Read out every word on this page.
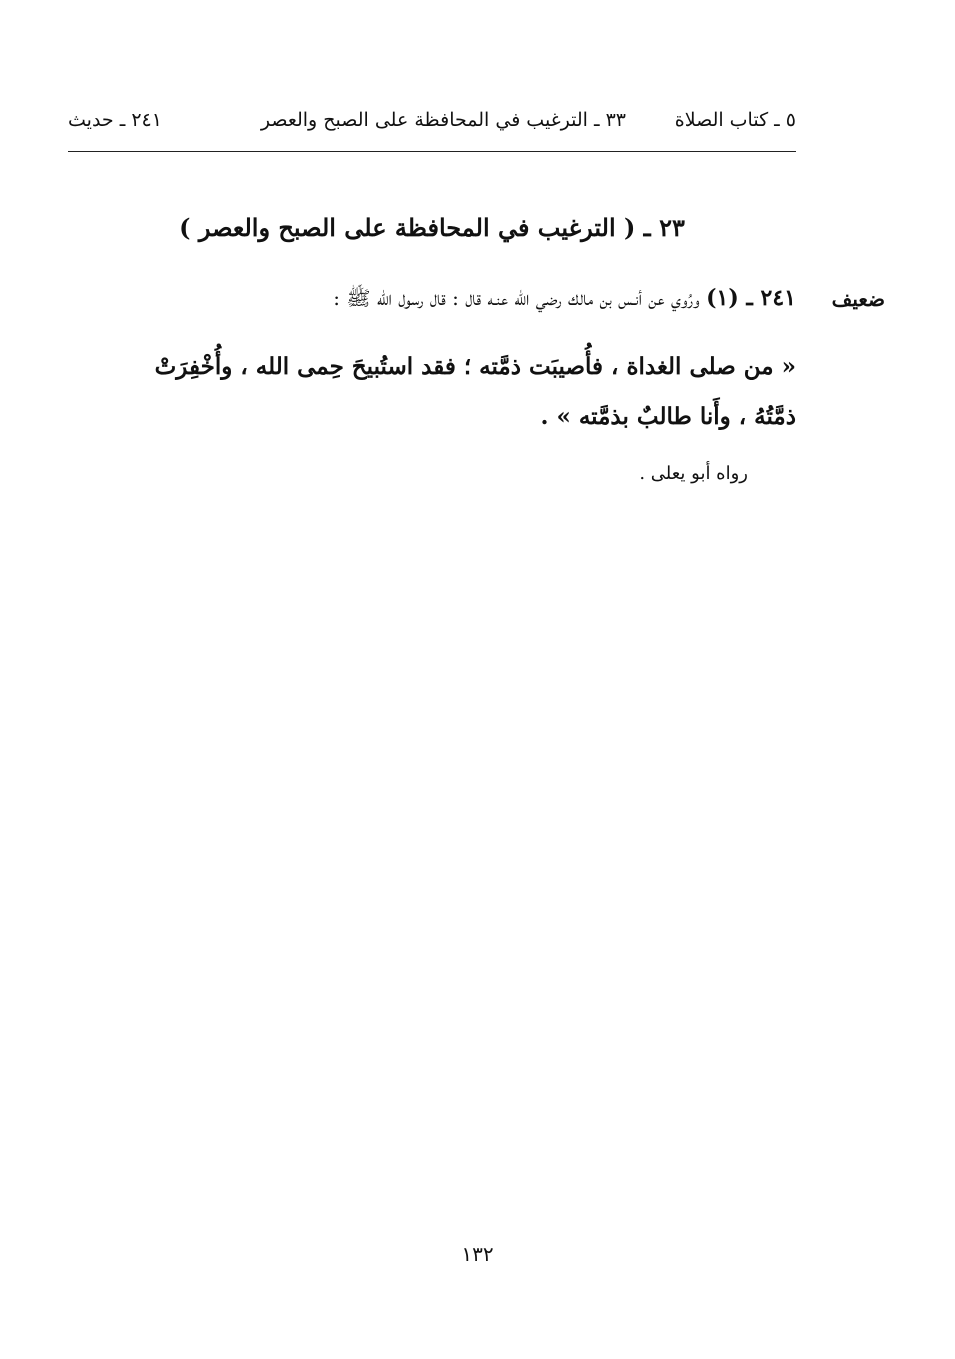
٥ ـ كتاب الصلاة
٣٣ ـ الترغيب في المحافظة على الصبح والعصر
٢٤١ ـ حديث
٢٣ ـ ( الترغيب في المحافظة على الصبح والعصر )
ضعيف
٢٤١ ـ (١) ورُوي عن أنـس بن مالك رضي الله عنـه قال : قال رسول الله ﷺ :
« من صلى الغداة ، فأُصيبَت ذمَّته ؛ فقد استُبيحَ حِمى الله ، وأُخْفِرَتْ
ذمَّتُهُ ، وأَنا طالبٌ بذمَّته » .
رواه أبو يعلى .
١٣٢
